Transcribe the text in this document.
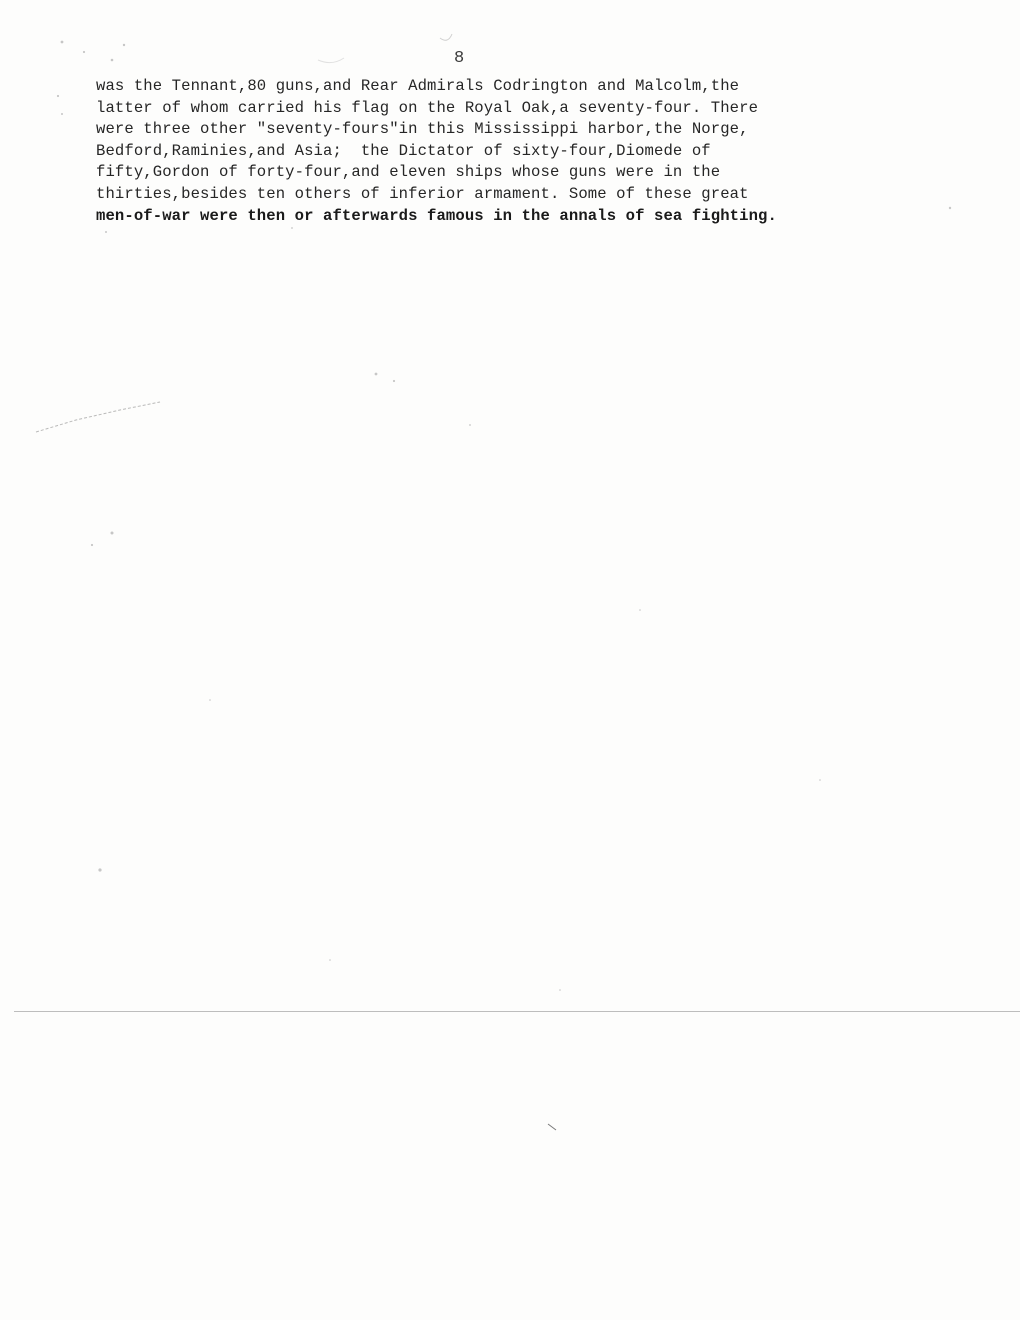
8
was the Tennant,80 guns,and Rear Admirals Codrington and Malcolm,the
latter of whom carried his flag on the Royal Oak,a seventy-four. There
were three other "seventy-fours"in this Mississippi harbor,the Norge,
Bedford,Raminies,and Asia;  the Dictator of sixty-four,Diomede of
fifty,Gordon of forty-four,and eleven ships whose guns were in the
thirties,besides ten others of inferior armament. Some of these great
men-of-war were then or afterwards famous in the annals of sea fighting.
